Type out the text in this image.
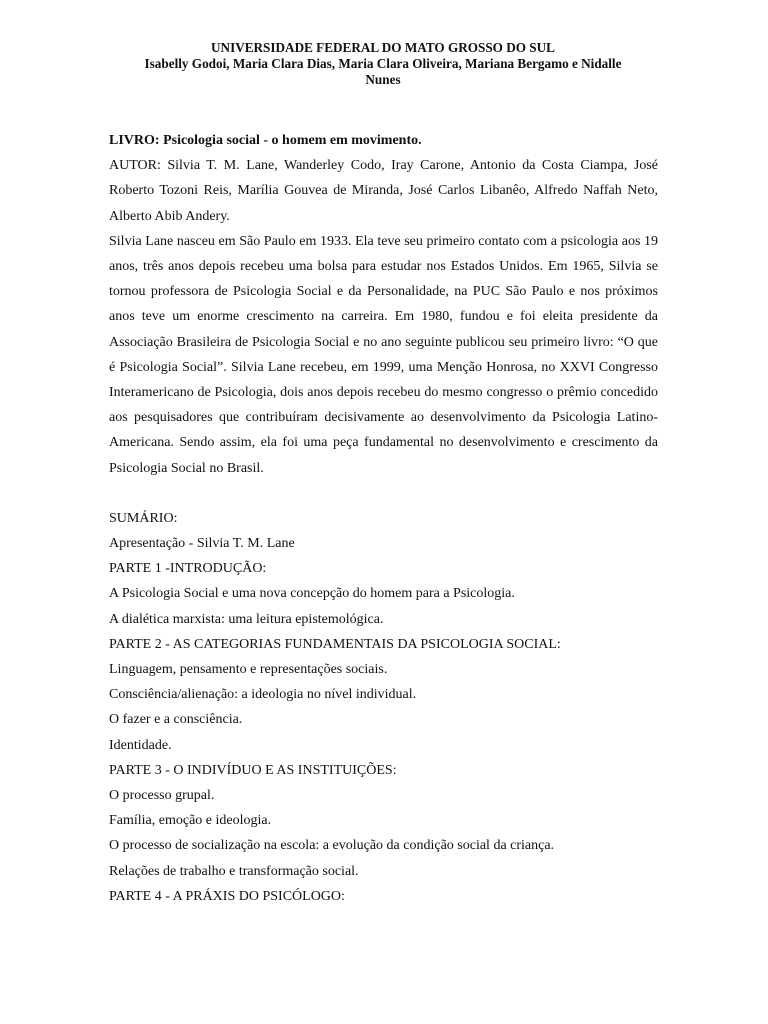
UNIVERSIDADE FEDERAL DO MATO GROSSO DO SUL
Isabelly Godoi, Maria Clara Dias, Maria Clara Oliveira, Mariana Bergamo e Nidalle
Nunes

LIVRO: Psicologia social - o homem em movimento.

AUTOR: Silvia T. M. Lane, Wanderley Codo, Iray Carone, Antonio da Costa Ciampa, José Roberto Tozoni Reis, Marília Gouvea de Miranda, José Carlos Libanêo, Alfredo Naffah Neto, Alberto Abib Andery.

Silvia Lane nasceu em São Paulo em 1933. Ela teve seu primeiro contato com a psicologia aos 19 anos, três anos depois recebeu uma bolsa para estudar nos Estados Unidos. Em 1965, Silvia se tornou professora de Psicologia Social e da Personalidade, na PUC São Paulo e nos próximos anos teve um enorme crescimento na carreira. Em 1980, fundou e foi eleita presidente da Associação Brasileira de Psicologia Social e no ano seguinte publicou seu primeiro livro: “O que é Psicologia Social”. Silvia Lane recebeu, em 1999, uma Menção Honrosa, no XXVI Congresso Interamericano de Psicologia, dois anos depois recebeu do mesmo congresso o prêmio concedido aos pesquisadores que contribuíram decisivamente ao desenvolvimento da Psicologia Latino-Americana. Sendo assim, ela foi uma peça fundamental no desenvolvimento e crescimento da Psicologia Social no Brasil.

SUMÁRIO:

Apresentação - Silvia T. M. Lane

PARTE 1 -INTRODUÇÃO:

A Psicologia Social e uma nova concepção do homem para a Psicologia.

A dialética marxista: uma leitura epistemológica.

PARTE 2 - AS CATEGORIAS FUNDAMENTAIS DA PSICOLOGIA SOCIAL:

Linguagem, pensamento e representações sociais.

Consciência/alienação: a ideologia no nível individual.

O fazer e a consciência.

Identidade.

PARTE 3 - O INDIVÍDUO E AS INSTITUIÇÕES:

O processo grupal.

Família, emoção e ideologia.

O processo de socialização na escola: a evolução da condição social da criança.

Relações de trabalho e transformação social.

PARTE 4 - A PRÁXIS DO PSICÓLOGO:
